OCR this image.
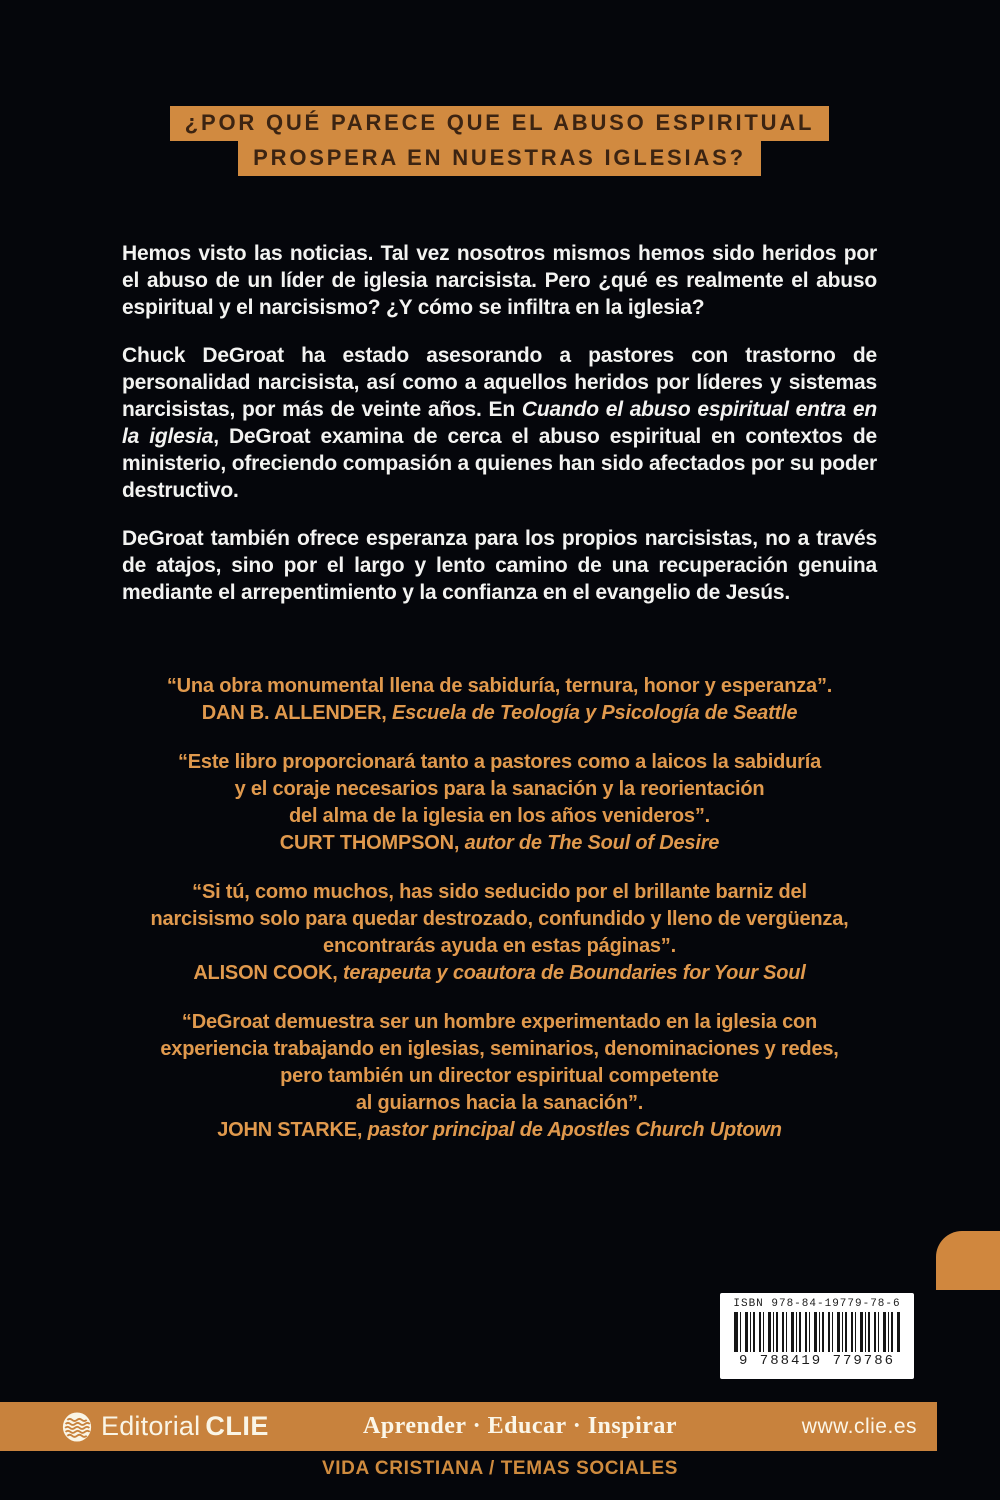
¿POR QUÉ PARECE QUE EL ABUSO ESPIRITUAL
PROSPERA EN NUESTRAS IGLESIAS?

Hemos visto las noticias. Tal vez nosotros mismos hemos sido heridos por el abuso de un líder de iglesia narcisista. Pero ¿qué es realmente el abuso espiritual y el narcisismo? ¿Y cómo se infiltra en la iglesia?

Chuck DeGroat ha estado asesorando a pastores con trastorno de personalidad narcisista, así como a aquellos heridos por líderes y sistemas narcisistas, por más de veinte años. En Cuando el abuso espiritual entra en la iglesia, DeGroat examina de cerca el abuso espiritual en contextos de ministerio, ofreciendo compasión a quienes han sido afectados por su poder destructivo.

DeGroat también ofrece esperanza para los propios narcisistas, no a través de atajos, sino por el largo y lento camino de una recuperación genuina mediante el arrepentimiento y la confianza en el evangelio de Jesús.

“Una obra monumental llena de sabiduría, ternura, honor y esperanza”.
DAN B. ALLENDER, Escuela de Teología y Psicología de Seattle
“Este libro proporcionará tanto a pastores como a laicos la sabiduría
y el coraje necesarios para la sanación y la reorientación
del alma de la iglesia en los años venideros”.
CURT THOMPSON, autor de The Soul of Desire
“Si tú, como muchos, has sido seducido por el brillante barniz del
narcisismo solo para quedar destrozado, confundido y lleno de vergüenza,
encontrarás ayuda en estas páginas”.
ALISON COOK, terapeuta y coautora de Boundaries for Your Soul
“DeGroat demuestra ser un hombre experimentado en la iglesia con
experiencia trabajando en iglesias, seminarios, denominaciones y redes,
pero también un director espiritual competente
al guiarnos hacia la sanación”.
JOHN STARKE, pastor principal de Apostles Church Uptown
ISBN 978-84-19779-78-6
9 788419 779786
Editorial CLIE	Aprender · Educar · Inspirar	www.clie.es
VIDA CRISTIANA / TEMAS SOCIALES
